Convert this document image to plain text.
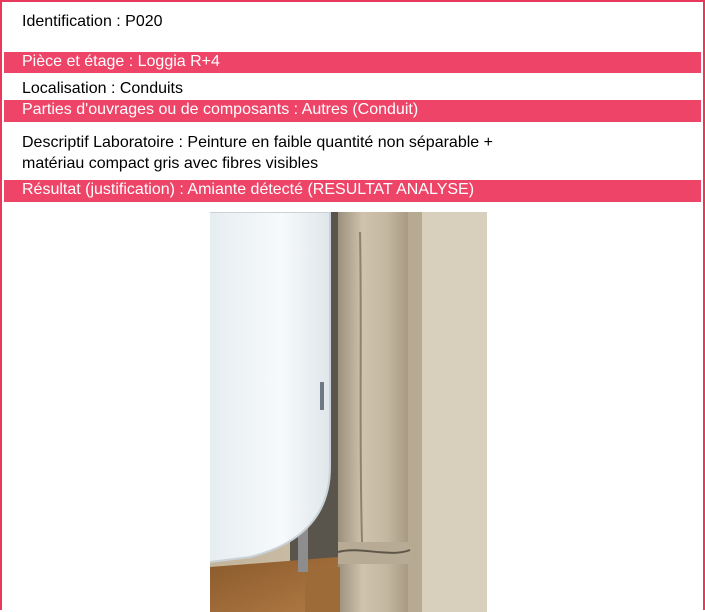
Identification : P020
Pièce et étage : Loggia R+4
Localisation : Conduits
Parties d'ouvrages ou de composants : Autres (Conduit)
Descriptif Laboratoire : Peinture en faible quantité non séparable +
matériau compact gris avec fibres visibles
Résultat (justification) : Amiante détecté (RESULTAT ANALYSE)
